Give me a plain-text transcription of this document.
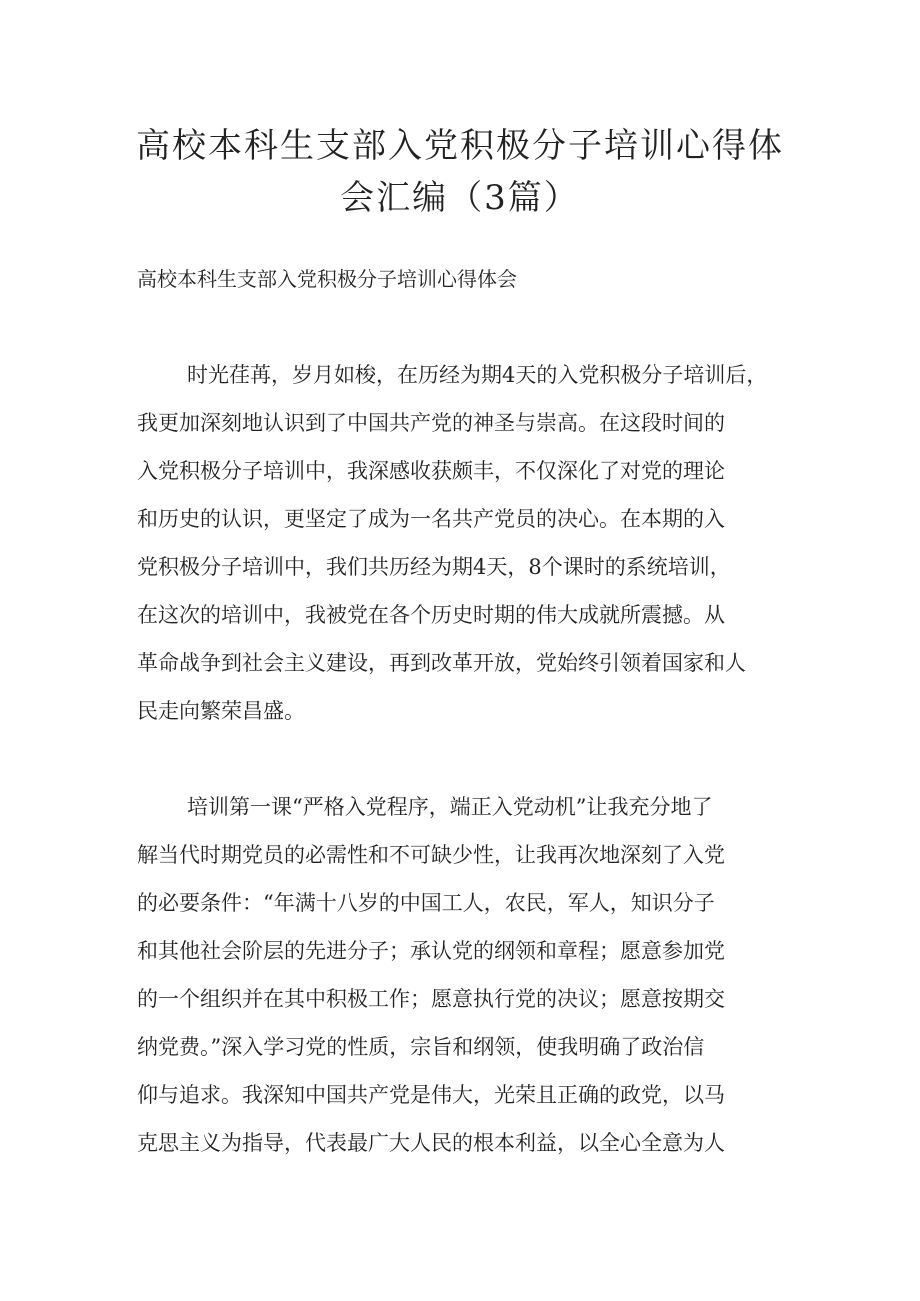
高校本科生支部入党积极分子培训心得体
会汇编（3篇）

高校本科生支部入党积极分子培训心得体会

时光荏苒，岁月如梭，在历经为期4天的入党积极分子培训后，
我更加深刻地认识到了中国共产党的神圣与崇高。在这段时间的
入党积极分子培训中，我深感收获颇丰，不仅深化了对党的理论
和历史的认识，更坚定了成为一名共产党员的决心。在本期的入
党积极分子培训中，我们共历经为期4天，8个课时的系统培训，
在这次的培训中，我被党在各个历史时期的伟大成就所震撼。从
革命战争到社会主义建设，再到改革开放，党始终引领着国家和人
民走向繁荣昌盛。
培训第一课“严格入党程序，端正入党动机”让我充分地了
解当代时期党员的必需性和不可缺少性，让我再次地深刻了入党
的必要条件：“年满十八岁的中国工人，农民，军人，知识分子
和其他社会阶层的先进分子；承认党的纲领和章程；愿意参加党
的一个组织并在其中积极工作；愿意执行党的决议；愿意按期交
纳党费。”深入学习党的性质，宗旨和纲领，使我明确了政治信
仰与追求。我深知中国共产党是伟大，光荣且正确的政党，以马
克思主义为指导，代表最广大人民的根本利益，以全心全意为人
